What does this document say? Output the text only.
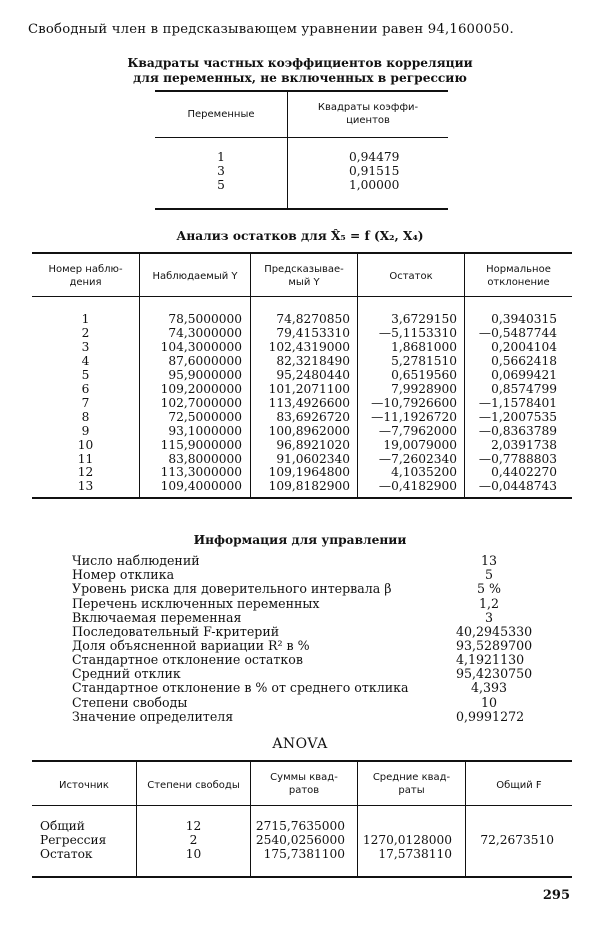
Свободный член в предсказывающем уравнении равен 94,1600050.
Квадраты частных коэффициентов корреляции
для переменных, не включенных в регрессию
Переменные
Квадраты коэффи-
циентов
1	0,94479
3	0,91515
5	1,00000
Анализ остатков для X̂₅ = f (X₂, X₄)
Номер наблю-
дения
Наблюдаемый Y
Предсказывае-
мый Y
Остаток
Нормальное
отклонение
1	78,5000000	74,8270850	3,6729150	0,3940315
2	74,3000000	79,4153310 —5,1153310 —0,5487744
3	104,3000000 102,4319000	1,8681000	0,2004104
4	87,6000000	82,3218490	5,2781510	0,5662418
5	95,9000000	95,2480440	0,6519560	0,0699421
6	109,2000000 101,2071100	7,9928900	0,8574799
7	102,7000000 113,4926600 —10,7926600 —1,1578401
8	72,5000000	83,6926720 —11,1926720 —1,2007535
9	93,1000000 100,8962000 —7,7962000 —0,8363789
10	115,9000000	96,8921020	19,0079000	2,0391738
11	83,8000000	91,0602340 —7,2602340 —0,7788803
12	113,3000000 109,1964800	4,1035200	0,4402270
13	109,4000000 109,8182900 —0,4182900 —0,0448743
Информация для управлении
Число наблюдений	13
Номер отклика	5
Уровень риска для доверительного интервала β	5 %
Перечень исключенных переменных	1,2
Включаемая переменная	3
Последовательный F-критерий	40,2945330
Доля объясненной вариации R² в %	93,5289700
Стандартное отклонение остатков	4,1921130
Средний отклик	95,4230750
Стандартное отклонение в % от среднего отклика	4,393
Степени свободы	10
Значение определителя	0,9991272
ANOVA
Источник	Степени свободы
Суммы квад-
ратов
Средние квад-
раты	Общий F
Общий	12	2715,7635000
Регрессия	2	2540,0256000 1270,0128000 72,2673510
Остаток	10	175,7381100	17,5738110
295
